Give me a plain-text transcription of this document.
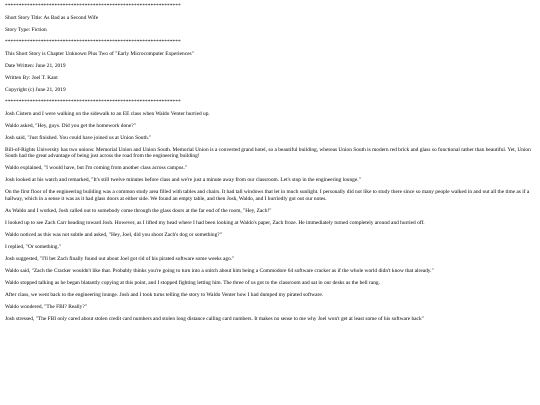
****************************************************************

Short Story Title: As Bad as a Second Wife

Story Type: Fiction

****************************************************************

This Short Story is Chapter Unknown Plus Two of "Early Microcomputer Experiences"

Date Written: June 21, 2019

Written By: Joel T. Kant

Copyright (c) June 21, 2019

****************************************************************

Josh Cistern and I were walking on the sidewalk to an EE class when Waldo Venter hurried up.

Waldo asked, "Hey, guys. Did you get the homework done?"

Josh said, "Just finished. You could have joined us at Union South."

Bill-of-Rights University has two unions: Memorial Union and Union South. Memorial Union is a converted grand hotel, so a beautiful building, whereas Union South is modern red brick and glass so functional rather than beautiful. Yet, Union South had the great advantage of being just across the road from the engineering building!

Waldo explained, "I would have, but I'm coming from another class across campus."

Josh looked at his watch and remarked, "It's still twelve minutes before class and we're just a minute away from our classroom. Let's stop in the engineering lounge."

On the first floor of the engineering building was a common study area filled with tables and chairs. It had tall windows that let in much sunlight. I personally did not like to study there since so many people walked in and out all the time as if a hallway, which in a sense it was as it had glass doors at either side. We found an empty table, and then Josh, Waldo, and I hurriedly got out our notes.

As Waldo and I worked, Josh called out to somebody come through the glass doors at the far end of the room, "Hey, Zach!"

I looked up to see Zach Carr heading toward Josh. However, as I lifted my head where I had been looking at Waldo's paper, Zach froze. He immediately turned completely around and hurried off.

Waldo noticed as this was not subtle and asked, "Hey, Joel, did you shoot Zach's dog or something?"

I replied, "Or something."

Josh suggested, "I'll bet Zach finally found out about Joel got rid of his pirated software some weeks ago."

Waldo said, "Zach the Cracker wouldn't like that. Probably thinks you're going to turn into a snitch about him being a Commodore 64 software cracker as if the whole world didn't know that already."

Waldo stopped talking as he began blatantly copying at this point, and I stopped fighting letting him. The three of us got to the classroom and sat in our desks as the bell rang.

After class, we went back to the engineering lounge. Josh and I took turns telling the story to Waldo Venter how I had dumped my pirated software.

Waldo wondered, "The FBI? Really?"

Josh stressed, "The FBI only cared about stolen credit card numbers and stolen long distance calling card numbers. It makes no sense to me why Joel won't get at least some of his software back"
